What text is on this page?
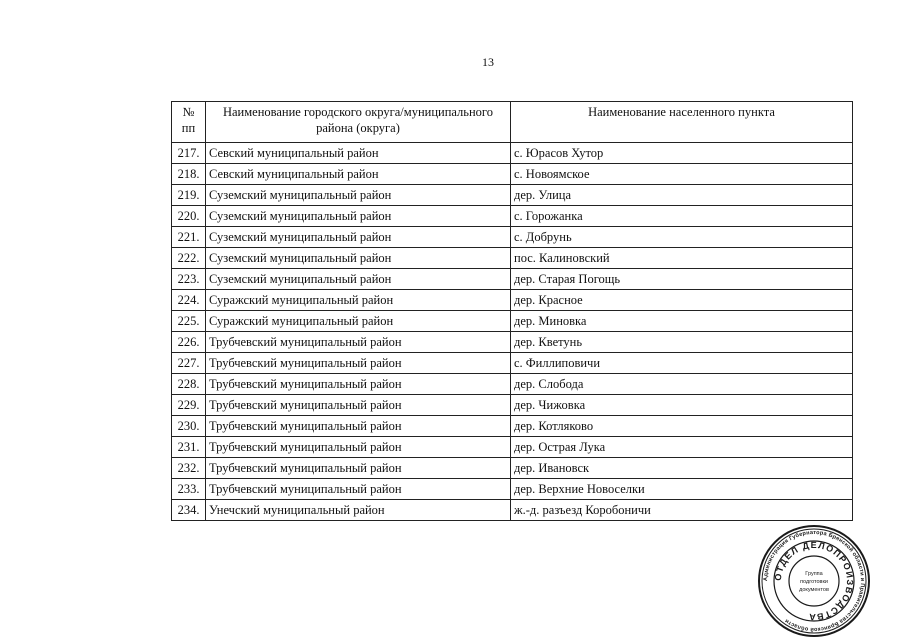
13
№ пп	Наименование городского округа/муниципального района (округа)	Наименование населенного пункта
217.	Севский муниципальный район	с. Юрасов Хутор
218.	Севский муниципальный район	с. Новоямское
219.	Суземский муниципальный район	дер. Улица
220.	Суземский муниципальный район	с. Горожанка
221.	Суземский муниципальный район	с. Добрунь
222.	Суземский муниципальный район	пос. Калиновский
223.	Суземский муниципальный район	дер. Старая Погощь
224.	Суражский муниципальный район	дер. Красное
225.	Суражский муниципальный район	дер. Миновка
226.	Трубчевский муниципальный район	дер. Кветунь
227.	Трубчевский муниципальный район	с. Филлиповичи
228.	Трубчевский муниципальный район	дер. Слобода
229.	Трубчевский муниципальный район	дер. Чижовка
230.	Трубчевский муниципальный район	дер. Котляково
231.	Трубчевский муниципальный район	дер. Острая Лука
232.	Трубчевский муниципальный район	дер. Ивановск
233.	Трубчевский муниципальный район	дер. Верхние Новоселки
234.	Унечский муниципальный район	ж.-д. разъезд Коробоничи
Администрация Губернатора Брянской области и Правительства Брянской области
ОТДЕЛ ДЕЛОПРОИЗВОДСТВА
Группа
подготовки
документов
